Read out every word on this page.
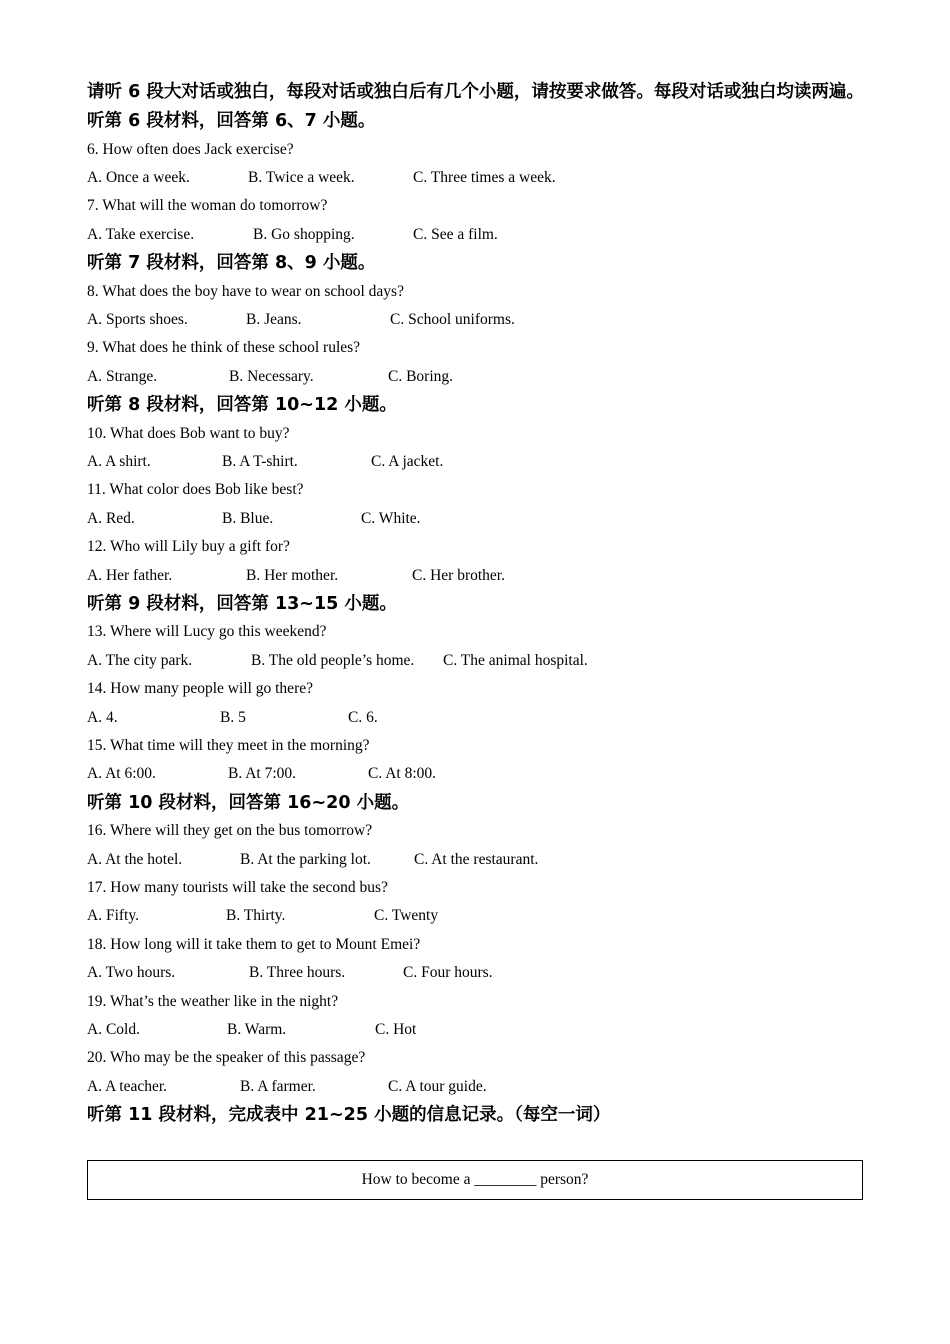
请听 6 段大对话或独白，每段对话或独白后有几个小题，请按要求做答。每段对话或独白均读两遍。

听第 6 段材料，回答第 6、7 小题。
6. How often does Jack exercise?
A. Once a week.	B. Twice a week.	C. Three times a week.
7. What will the woman do tomorrow?
A. Take exercise.	B. Go shopping.	C. See a film.
听第 7 段材料，回答第 8、9 小题。
8. What does the boy have to wear on school days?
A. Sports shoes.	B. Jeans.	C. School uniforms.
9. What does he think of these school rules?
A. Strange.	B. Necessary.	C. Boring.
听第 8 段材料，回答第 10~12 小题。
10. What does Bob want to buy?
A. A shirt.	B. A T-shirt.	C. A jacket.
11. What color does Bob like best?
A. Red.	B. Blue.	C. White.
12. Who will Lily buy a gift for?
A. Her father.	B. Her mother.	C. Her brother.
听第 9 段材料，回答第 13~15 小题。
13. Where will Lucy go this weekend?
A. The city park.	B. The old people’s home. C. The animal hospital.
14. How many people will go there?
A. 4.	B. 5	C. 6.
15. What time will they meet in the morning?
A. At 6:00.	B. At 7:00.	C. At 8:00.
听第 10 段材料，回答第 16~20 小题。
16. Where will they get on the bus tomorrow?
A. At the hotel.	B. At the parking lot.	C. At the restaurant.
17. How many tourists will take the second bus?
A. Fifty.	B. Thirty.	C. Twenty
18. How long will it take them to get to Mount Emei?
A. Two hours.	B. Three hours.	C. Four hours.
19. What’s the weather like in the night?
A. Cold.	B. Warm.	C. Hot
20. Who may be the speaker of this passage?
A. A teacher.	B. A farmer.	C. A tour guide.
听第 11 段材料，完成表中 21~25 小题的信息记录。（每空一词）
How to become a ________ person?
